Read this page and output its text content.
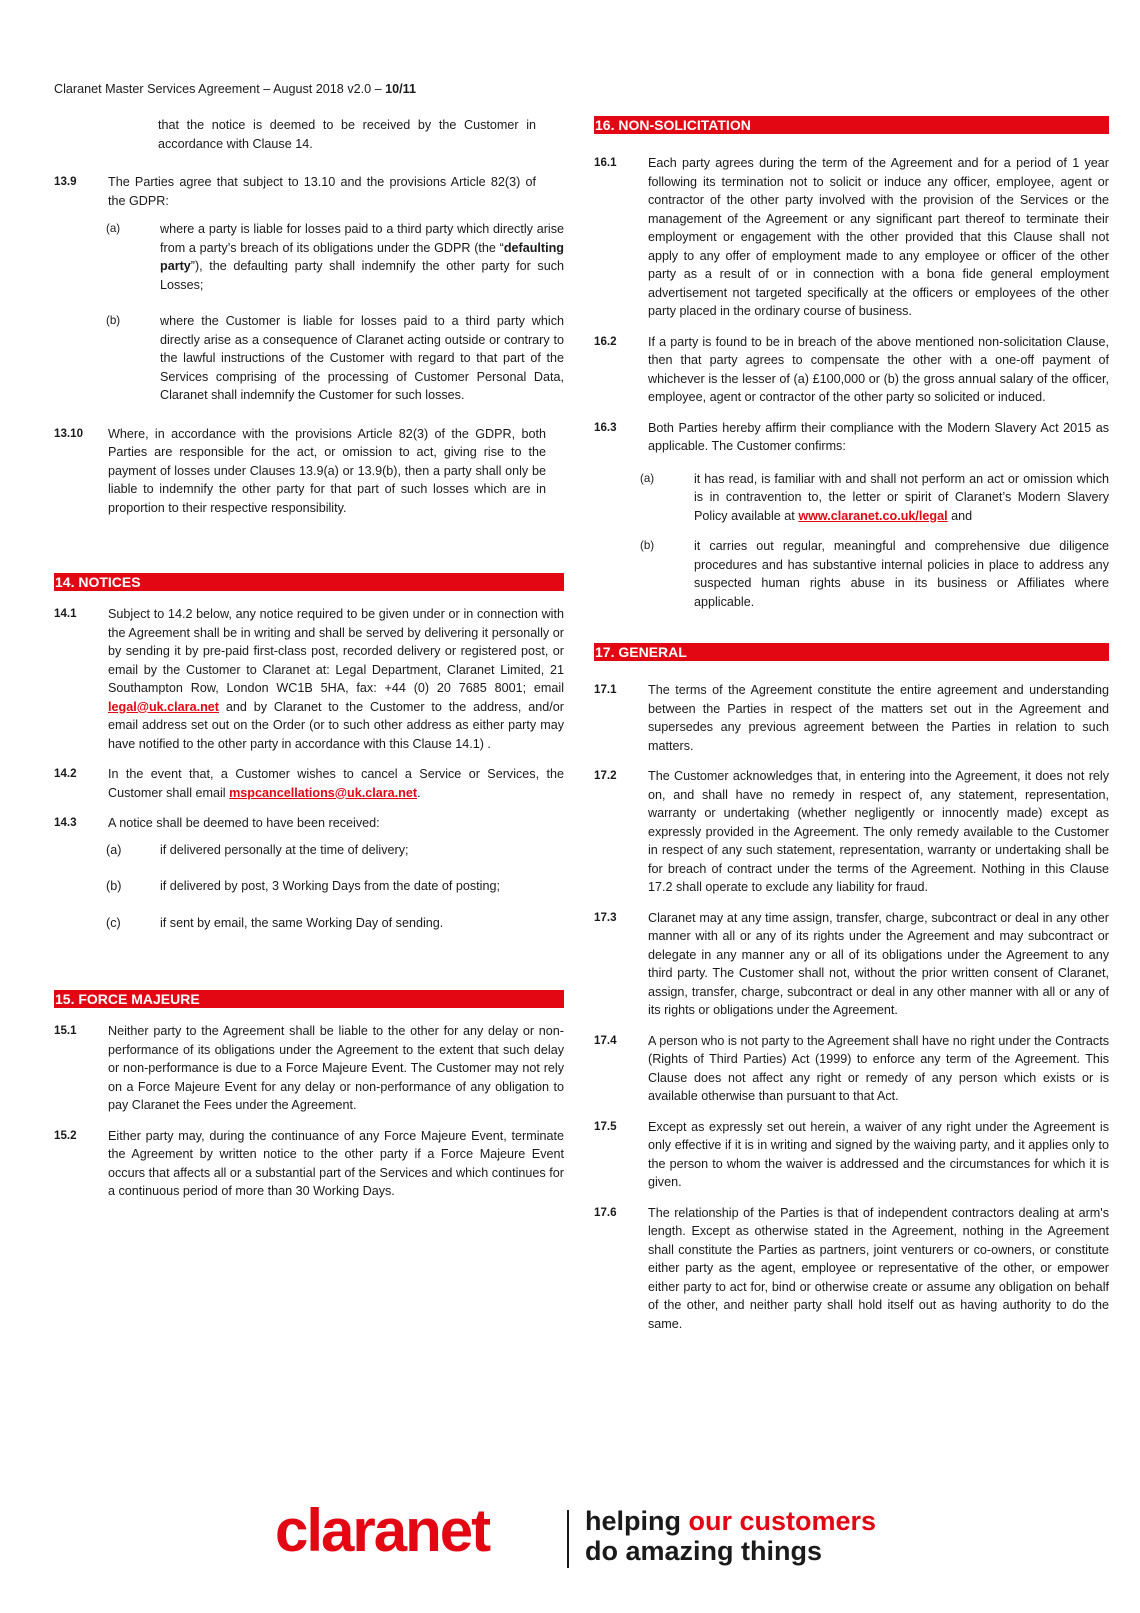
Claranet Master Services Agreement – August 2018 v2.0 – 10/11
that the notice is deemed to be received by the Customer in accordance with Clause 14.
13.9	The Parties agree that subject to 13.10 and the provisions Article 82(3) of the GDPR:
(a)	where a party is liable for losses paid to a third party which directly arise from a party’s breach of its obligations under the GDPR (the “defaulting party”), the defaulting party shall indemnify the other party for such Losses;
(b)	where the Customer is liable for losses paid to a third party which directly arise as a consequence of Claranet acting outside or contrary to the lawful instructions of the Customer with regard to that part of the Services comprising of the processing of Customer Personal Data, Claranet shall indemnify the Customer for such losses.
13.10	Where, in accordance with the provisions Article 82(3) of the GDPR, both Parties are responsible for the act, or omission to act, giving rise to the payment of losses under Clauses 13.9(a) or 13.9(b), then a party shall only be liable to indemnify the other party for that part of such losses which are in proportion to their respective responsibility.
14. NOTICES
14.1	Subject to 14.2 below, any notice required to be given under or in connection with the Agreement shall be in writing and shall be served by delivering it personally or by sending it by pre-paid first-class post, recorded delivery or registered post, or email by the Customer to Claranet at: Legal Department, Claranet Limited, 21 Southampton Row, London WC1B 5HA, fax: +44 (0) 20 7685 8001; email legal@uk.clara.net and by Claranet to the Customer to the address, and/or email address set out on the Order (or to such other address as either party may have notified to the other party in accordance with this Clause 14.1) .
14.2	In the event that, a Customer wishes to cancel a Service or Services, the Customer shall email mspcancellations@uk.clara.net.
14.3	A notice shall be deemed to have been received:
(a)	if delivered personally at the time of delivery;
(b)	if delivered by post, 3 Working Days from the date of posting;
(c)	if sent by email, the same Working Day of sending.
15. FORCE MAJEURE
15.1	Neither party to the Agreement shall be liable to the other for any delay or non-performance of its obligations under the Agreement to the extent that such delay or non-performance is due to a Force Majeure Event. The Customer may not rely on a Force Majeure Event for any delay or non-performance of any obligation to pay Claranet the Fees under the Agreement.
15.2	Either party may, during the continuance of any Force Majeure Event, terminate the Agreement by written notice to the other party if a Force Majeure Event occurs that affects all or a substantial part of the Services and which continues for a continuous period of more than 30 Working Days.
16. NON-SOLICITATION
16.1	Each party agrees during the term of the Agreement and for a period of 1 year following its termination not to solicit or induce any officer, employee, agent or contractor of the other party involved with the provision of the Services or the management of the Agreement or any significant part thereof to terminate their employment or engagement with the other provided that this Clause shall not apply to any offer of employment made to any employee or officer of the other party as a result of or in connection with a bona fide general employment advertisement not targeted specifically at the officers or employees of the other party placed in the ordinary course of business.
16.2	If a party is found to be in breach of the above mentioned non-solicitation Clause, then that party agrees to compensate the other with a one-off payment of whichever is the lesser of (a) £100,000 or (b) the gross annual salary of the officer, employee, agent or contractor of the other party so solicited or induced.
16.3	Both Parties hereby affirm their compliance with the Modern Slavery Act 2015 as applicable. The Customer confirms:
(a)	it has read, is familiar with and shall not perform an act or omission which is in contravention to, the letter or spirit of Claranet’s Modern Slavery Policy available at www.claranet.co.uk/legal and
(b)	it carries out regular, meaningful and comprehensive due diligence procedures and has substantive internal policies in place to address any suspected human rights abuse in its business or Affiliates where applicable.
17. GENERAL
17.1	The terms of the Agreement constitute the entire agreement and understanding between the Parties in respect of the matters set out in the Agreement and supersedes any previous agreement between the Parties in relation to such matters.
17.2	The Customer acknowledges that, in entering into the Agreement, it does not rely on, and shall have no remedy in respect of, any statement, representation, warranty or undertaking (whether negligently or innocently made) except as expressly provided in the Agreement. The only remedy available to the Customer in respect of any such statement, representation, warranty or undertaking shall be for breach of contract under the terms of the Agreement. Nothing in this Clause 17.2 shall operate to exclude any liability for fraud.
17.3	Claranet may at any time assign, transfer, charge, subcontract or deal in any other manner with all or any of its rights under the Agreement and may subcontract or delegate in any manner any or all of its obligations under the Agreement to any third party. The Customer shall not, without the prior written consent of Claranet, assign, transfer, charge, subcontract or deal in any other manner with all or any of its rights or obligations under the Agreement.
17.4	A person who is not party to the Agreement shall have no right under the Contracts (Rights of Third Parties) Act (1999) to enforce any term of the Agreement. This Clause does not affect any right or remedy of any person which exists or is available otherwise than pursuant to that Act.
17.5	Except as expressly set out herein, a waiver of any right under the Agreement is only effective if it is in writing and signed by the waiving party, and it applies only to the person to whom the waiver is addressed and the circumstances for which it is given.
17.6	The relationship of the Parties is that of independent contractors dealing at arm's length. Except as otherwise stated in the Agreement, nothing in the Agreement shall constitute the Parties as partners, joint venturers or co-owners, or constitute either party as the agent, employee or representative of the other, or empower either party to act for, bind or otherwise create or assume any obligation on behalf of the other, and neither party shall hold itself out as having authority to do the same.
claranet	helping our customers
do amazing things
